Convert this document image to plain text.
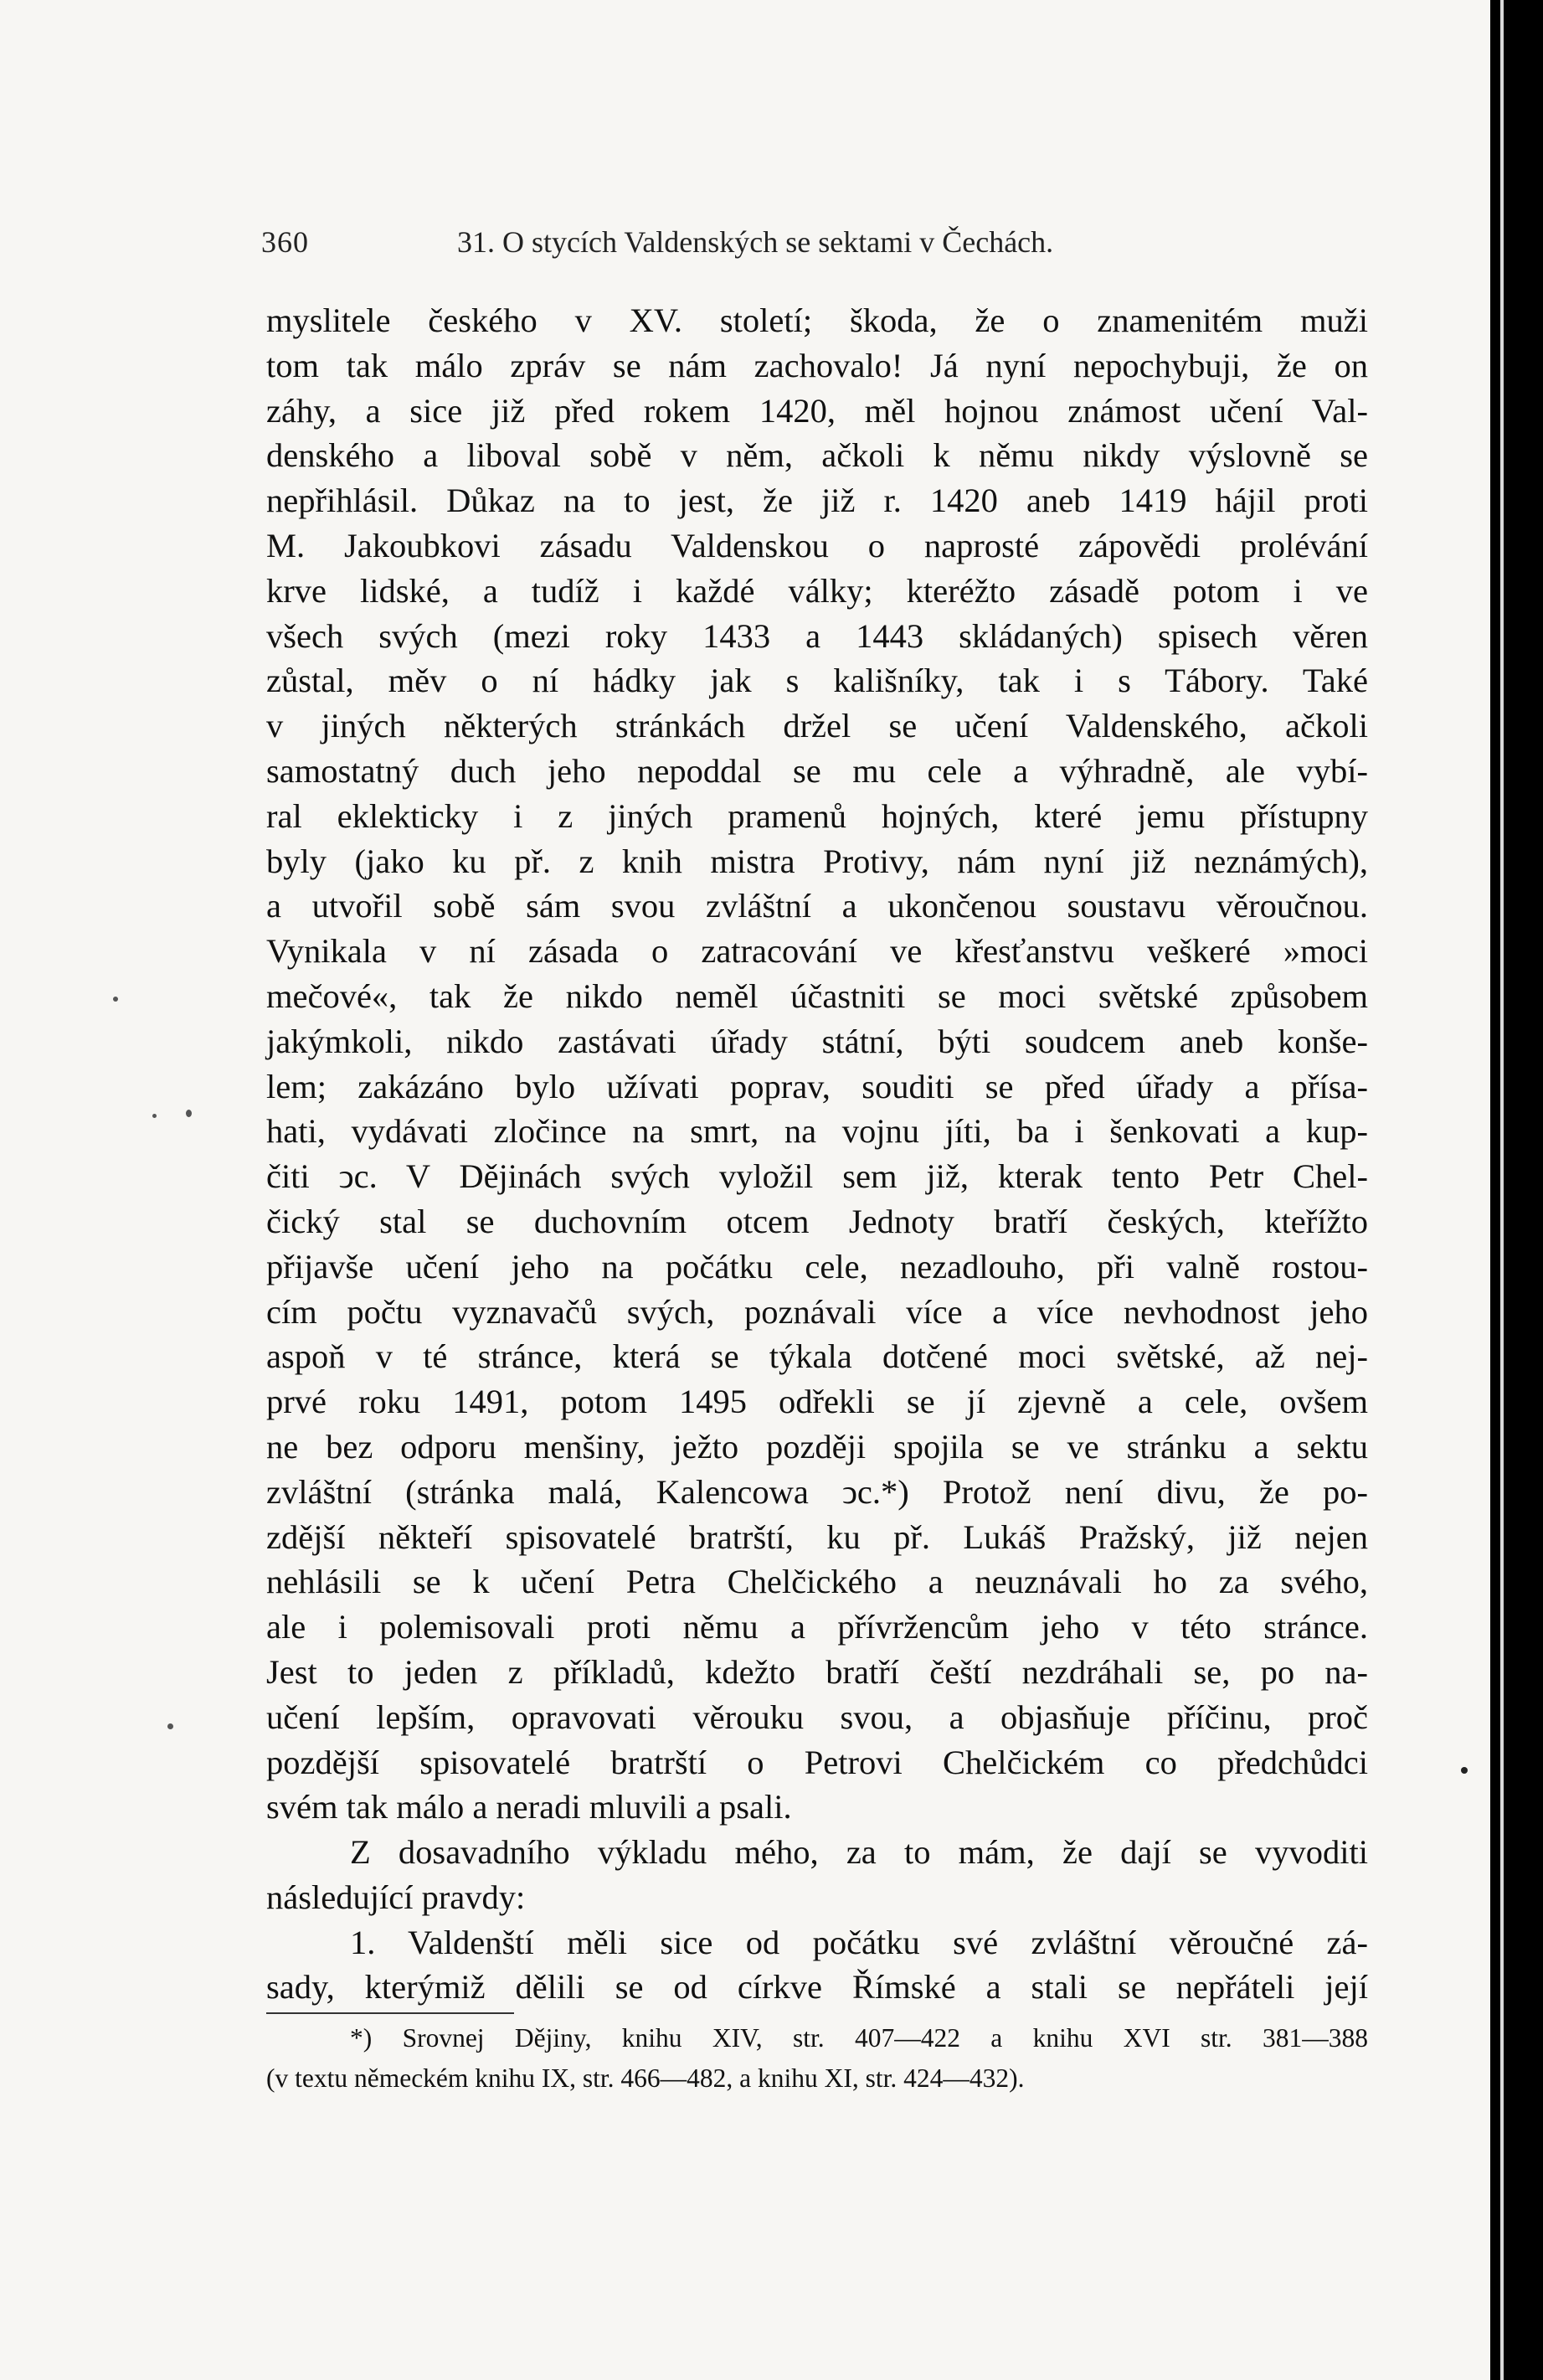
360	31. O stycích Valdenských se sektami v Čechách.
myslitele českého v XV. století; škoda, že o znamenitém muži
tom tak málo zpráv se nám zachovalo! Já nyní nepochybuji, že on
záhy, a sice již před rokem 1420, měl hojnou známost učení Val-
denského a liboval sobě v něm, ačkoli k němu nikdy výslovně se
nepřihlásil. Důkaz na to jest, že již r. 1420 aneb 1419 hájil proti
M. Jakoubkovi zásadu Valdenskou o naprosté zápovědi prolévání
krve lidské, a tudíž i každé války; kteréžto zásadě potom i ve
všech svých (mezi roky 1433 a 1443 skládaných) spisech věren
zůstal, měv o ní hádky jak s kališníky, tak i s Tábory. Také
v jiných některých stránkách držel se učení Valdenského, ačkoli
samostatný duch jeho nepoddal se mu cele a výhradně, ale vybí-
ral eklekticky i z jiných pramenů hojných, které jemu přístupny
byly (jako ku př. z knih mistra Protivy, nám nyní již neznámých),
a utvořil sobě sám svou zvláštní a ukončenou soustavu věroučnou.
Vynikala v ní zásada o zatracování ve křesťanstvu veškeré »moci
mečové«, tak že nikdo neměl účastniti se moci světské způsobem
jakýmkoli, nikdo zastávati úřady státní, býti soudcem aneb konše-
lem; zakázáno bylo užívati poprav, souditi se před úřady a přísa-
hati, vydávati zločince na smrt, na vojnu jíti, ba i šenkovati a kup-
čiti ͻc. V Dějinách svých vyložil sem již, kterak tento Petr Chel-
čický stal se duchovním otcem Jednoty bratří českých, kteřížto
přijavše učení jeho na počátku cele, nezadlouho, při valně rostou-
cím počtu vyznavačů svých, poznávali více a více nevhodnost jeho
aspoň v té stránce, která se týkala dotčené moci světské, až nej-
prvé roku 1491, potom 1495 odřekli se jí zjevně a cele, ovšem
ne bez odporu menšiny, ježto později spojila se ve stránku a sektu
zvláštní (stránka malá, Kalencowa ͻc.*) Protož není divu, že po-
zdější někteří spisovatelé bratrští, ku př. Lukáš Pražský, již nejen
nehlásili se k učení Petra Chelčického a neuznávali ho za svého,
ale i polemisovali proti němu a přívržencům jeho v této stránce.
Jest to jeden z příkladů, kdežto bratří čeští nezdráhali se, po na-
učení lepším, opravovati věrouku svou, a objasňuje příčinu, proč
pozdější spisovatelé bratrští o Petrovi Chelčickém co předchůdci
svém tak málo a neradi mluvili a psali.
Z dosavadního výkladu mého, za to mám, že dají se vyvoditi
následující pravdy:
1. Valdenští měli sice od počátku své zvláštní věroučné zá-
sady, kterýmiž dělili se od církve Římské a stali se nepřáteli její
*) Srovnej Dějiny, knihu XIV, str. 407—422 a knihu XVI str. 381—388
(v textu německém knihu IX, str. 466—482, a knihu XI, str. 424—432).
